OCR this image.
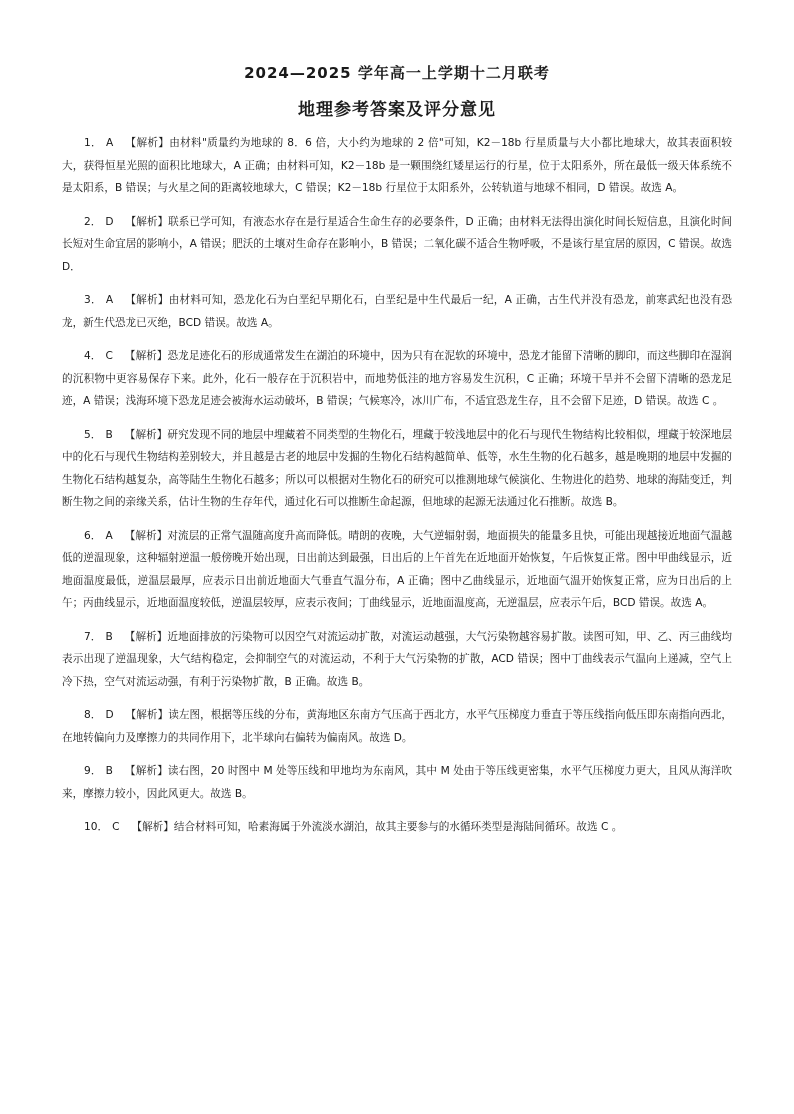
2024—2025 学年高一上学期十二月联考
地理参考答案及评分意见

1． A 【解析】由材料"质量约为地球的 8．6 倍，大小约为地球的 2 倍"可知，K2－18b 行星质量与大小都比地球大，故其表面积较大，获得恒星光照的面积比地球大，A 正确；由材料可知，K2－18b 是一颗围绕红矮星运行的行星，位于太阳系外，所在最低一级天体系统不是太阳系，B 错误；与火星之间的距离较地球大，C 错误；K2－18b 行星位于太阳系外，公转轨道与地球不相同，D 错误。故选 A。

2． D 【解析】联系已学可知，有液态水存在是行星适合生命生存的必要条件，D 正确；由材料无法得出演化时间长短信息，且演化时间长短对生命宜居的影响小，A 错误；肥沃的土壤对生命存在影响小，B 错误；二氧化碳不适合生物呼吸，不是该行星宜居的原因，C 错误。故选 D．

3． A 【解析】由材料可知，恐龙化石为白垩纪早期化石，白垩纪是中生代最后一纪，A 正确，古生代并没有恐龙，前寒武纪也没有恐龙，新生代恐龙已灭绝，BCD 错误。故选 A。

4． C 【解析】恐龙足迹化石的形成通常发生在湖泊的环境中，因为只有在泥软的环境中，恐龙才能留下清晰的脚印，而这些脚印在湿润的沉积物中更容易保存下来。此外，化石一般存在于沉积岩中，而地势低洼的地方容易发生沉积，C 正确；环境干旱并不会留下清晰的恐龙足迹，A 错误；浅海环境下恐龙足迹会被海水运动破坏，B 错误；气候寒冷，冰川广布，不适宜恐龙生存，且不会留下足迹，D 错误。故选 C 。

5． B 【解析】研究发现不同的地层中埋藏着不同类型的生物化石，埋藏于较浅地层中的化石与现代生物结构比较相似，埋藏于较深地层中的化石与现代生物结构差别较大，并且越是古老的地层中发掘的生物化石结构越简单、低等，水生生物的化石越多，越是晚期的地层中发掘的生物化石结构越复杂，高等陆生生物化石越多；所以可以根据对生物化石的研究可以推测地球气候演化、生物进化的趋势、地球的海陆变迁，判断生物之间的亲缘关系，估计生物的生存年代，通过化石可以推断生命起源，但地球的起源无法通过化石推断。故选 B。

6． A 【解析】对流层的正常气温随高度升高而降低。晴朗的夜晚，大气逆辐射弱，地面损失的能量多且快，可能出现越接近地面气温越低的逆温现象，这种辐射逆温一般傍晚开始出现，日出前达到最强，日出后的上午首先在近地面开始恢复，午后恢复正常。图中甲曲线显示，近地面温度最低，逆温层最厚，应表示日出前近地面大气垂直气温分布，A 正确；图中乙曲线显示，近地面气温开始恢复正常，应为日出后的上午；丙曲线显示，近地面温度较低，逆温层较厚，应表示夜间；丁曲线显示，近地面温度高，无逆温层，应表示午后，BCD 错误。故选 A。

7． B 【解析】近地面排放的污染物可以因空气对流运动扩散，对流运动越强，大气污染物越容易扩散。读图可知，甲、乙、丙三曲线均表示出现了逆温现象，大气结构稳定，会抑制空气的对流运动，不利于大气污染物的扩散，ACD 错误；图中丁曲线表示气温向上递减，空气上冷下热，空气对流运动强，有利于污染物扩散，B 正确。故选 B。

8． D 【解析】读左图，根据等压线的分布，黄海地区东南方气压高于西北方，水平气压梯度力垂直于等压线指向低压即东南指向西北，在地转偏向力及摩擦力的共同作用下，北半球向右偏转为偏南风。故选 D。

9． B 【解析】读右图，20 时图中 M 处等压线和甲地均为东南风，其中 M 处由于等压线更密集，水平气压梯度力更大，且风从海洋吹来，摩擦力较小，因此风更大。故选 B。

10． C 【解析】结合材料可知，哈素海属于外流淡水湖泊，故其主要参与的水循环类型是海陆间循环。故选 C 。
